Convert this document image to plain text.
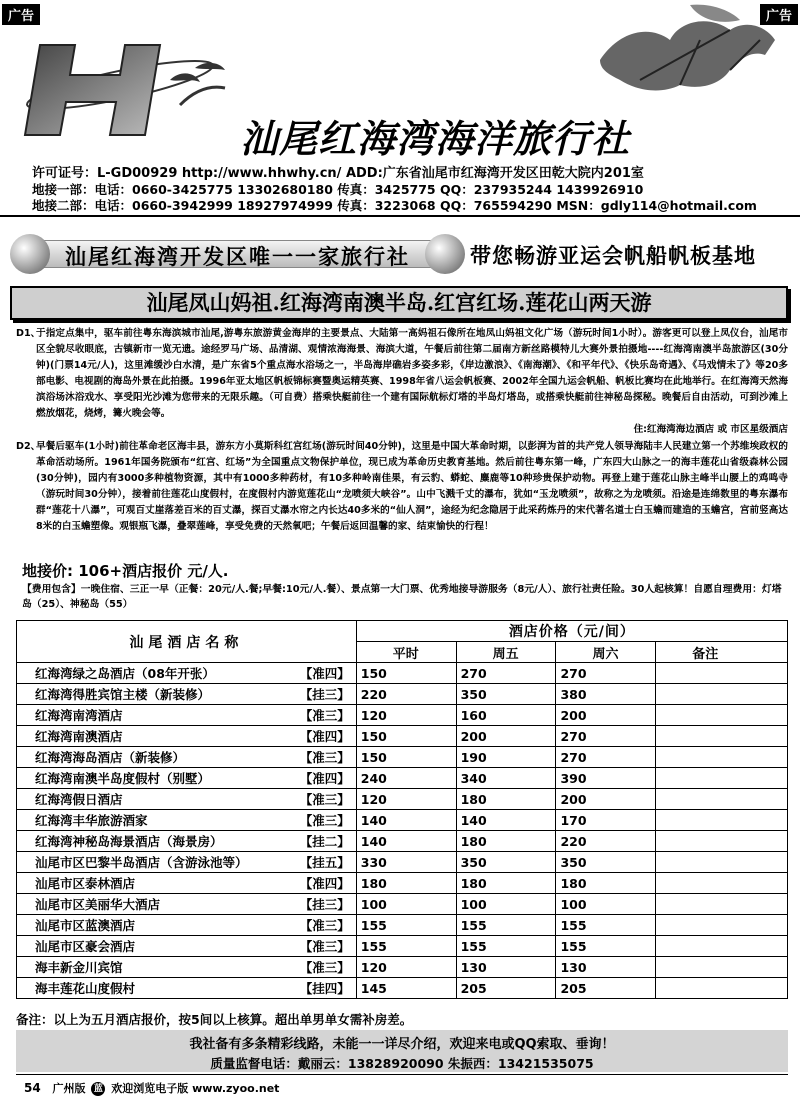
广告	广告
汕尾红海湾海洋旅行社
许可证号：L-GD00929 http://www.hhwhy.cn/ ADD:广东省汕尾市红海湾开发区田乾大院内201室
地接一部：电话：0660-3425775 13302680180 传真：3425775 QQ：237935244 1439926910
地接二部：电话：0660-3942999 18927974999 传真：3223068 QQ：765594290 MSN：gdly114@hotmail.com
汕尾红海湾开发区唯一一家旅行社	带您畅游亚运会帆船帆板基地
汕尾凤山妈祖.红海湾南澳半岛.红宫红场.莲花山两天游
D1、
于指定点集中，驱车前往粤东海滨城市汕尾,游粤东旅游黄金海岸的主要景点、大陆第一高妈祖石像所在地凤山妈祖文化广场（游玩时间1小时）。游客更可以登上凤仪台，汕尾市区全貌尽收眼底，古镇新市一览无遗。途经罗马广场、品清湖、观情浓海海景、海滨大道，午餐后前往第二届南方新丝路模特儿大赛外景拍摄地----红海湾南澳半岛旅游区(30分钟)(门票14元/人)，这里滩缓沙白水清，是广东省5个重点海水浴场之一，半岛海岸礁岩多姿多彩，《岸边激浪》、《南海潮》、《和平年代》、《快乐岛奇遇》、《马戏情未了》等20多部电影、电视剧的海岛外景在此拍摄。1996年亚太地区帆板锦标赛暨奥运精英赛、1998年省八运会帆板赛、2002年全国九运会帆船、帆板比赛均在此地举行。在红海湾天然海滨浴场沐浴戏水、享受阳光沙滩为您带来的无限乐趣。（可自费）搭乘快艇前往一个建有国际航标灯塔的半岛灯塔岛，或搭乘快艇前往神秘岛探秘。晚餐后自由活动，可到沙滩上燃放烟花，烧烤，篝火晚会等。
住:红海湾海边酒店 或 市区星级酒店
D2、
早餐后驱车(1小时)前往革命老区海丰县，游东方小莫斯科红宫红场(游玩时间40分钟)，这里是中国大革命时期，以彭湃为首的共产党人领导海陆丰人民建立第一个苏维埃政权的革命活动场所。1961年国务院颁布“红宫、红场”为全国重点文物保护单位，现已成为革命历史教育基地。然后前往粤东第一峰，广东四大山脉之一的海丰莲花山省级森林公园(30分钟)，园内有3000多种植物资源，其中有1000多种药材，有10多种岭南佳果，有云豹、蟒蛇、麋鹿等10种珍贵保护动物。再登上建于莲花山脉主峰半山腰上的鸡鸣寺（游玩时间30分钟），接着前往莲花山度假村，在度假村内游览莲花山“龙喷须大峡谷”。山中飞溅千丈的瀑布，犹如“玉龙喷须”，故称之为龙喷须。沿途是连绵数里的粤东瀑布群“莲花十八瀑”，可观百丈崖落差百米的百丈瀑，探百丈瀑水帘之内长达40多米的“仙人洞”，途经为纪念隐居于此采药炼丹的宋代著名道士白玉蟾而建造的玉蟾宫，宫前竖高达8米的白玉蟾塑像。观银瓶飞瀑，叠翠莲峰，享受免费的天然氧吧；午餐后返回温馨的家、结束愉快的行程！
地接价: 106+酒店报价 元/人.
【费用包含】一晚住宿、三正一早（正餐：20元/人.餐;早餐:10元/人.餐）、景点第一大门票、优秀地接导游服务（8元/人）、旅行社责任险。30人起核算！自愿自理费用：灯塔岛（25）、神秘岛（55）
汕尾酒店名称	酒店价格（元/间）			
	平时	周五	周六	备注

红海湾绿之岛酒店（08年开张） 【准四】	150	270	270	

红海湾得胜宾馆主楼（新装修） 【挂三】	220	350	380	

红海湾南湾酒店 【准三】	120	160	200	

红海湾南澳酒店 【准四】	150	200	270	

红海湾海岛酒店（新装修） 【准三】	150	190	270	

红海湾南澳半岛度假村（别墅） 【准四】	240	340	390	

红海湾假日酒店 【准三】	120	180	200	

红海湾丰华旅游酒家 【准三】	140	140	170	

红海湾神秘岛海景酒店（海景房） 【挂二】	140	180	220	

汕尾市区巴黎半岛酒店（含游泳池等） 【挂五】	330	350	350	

汕尾市区泰林酒店 【准四】	180	180	180	

汕尾市区美丽华大酒店 【挂三】	100	100	100	

汕尾市区蓝澳酒店 【准三】	155	155	155	

汕尾市区豪会酒店 【准三】	155	155	155	

海丰新金川宾馆 【准三】	120	130	130	

海丰莲花山度假村 【挂四】	145	205	205	
备注：以上为五月酒店报价，按5间以上核算。超出单男单女需补房差。
我社备有多条精彩线路，未能一一详尽介绍，欢迎来电或QQ索取、垂询！
质量监督电话：戴丽云：13828920090 朱振西：13421535075
54 广州版 蓝 欢迎浏览电子版 www.zyoo.net
